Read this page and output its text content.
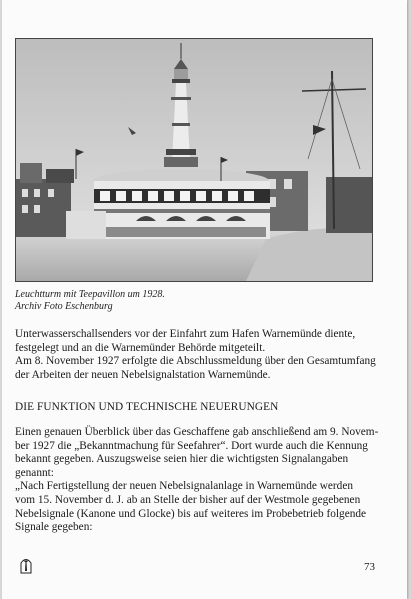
Leuchtturm mit Teepavillon um 1928.
Archiv Foto Eschenburg
Unterwasserschallsenders vor der Einfahrt zum Hafen Warnemünde diente,
festgelegt und an die Warnemünder Behörde mitgeteilt.
Am 8. November 1927 erfolgte die Abschlussmeldung über den Gesamtumfang
der Arbeiten der neuen Nebelsignalstation Warnemünde.
DIE FUNKTION UND TECHNISCHE NEUERUNGEN
Einen genauen Überblick über das Geschaffene gab anschließend am 9. Novem-
ber 1927 die „Bekanntmachung für Seefahrer“. Dort wurde auch die Kennung
bekannt gegeben. Auszugsweise seien hier die wichtigsten Signalangaben
genannt:
„Nach Fertigstellung der neuen Nebelsignalanlage in Warnemünde werden
vom 15. November d. J. ab an Stelle der bisher auf der Westmole gegebenen
Nebelsignale (Kanone und Glocke) bis auf weiteres im Probebetrieb folgende
Signale gegeben:
73
